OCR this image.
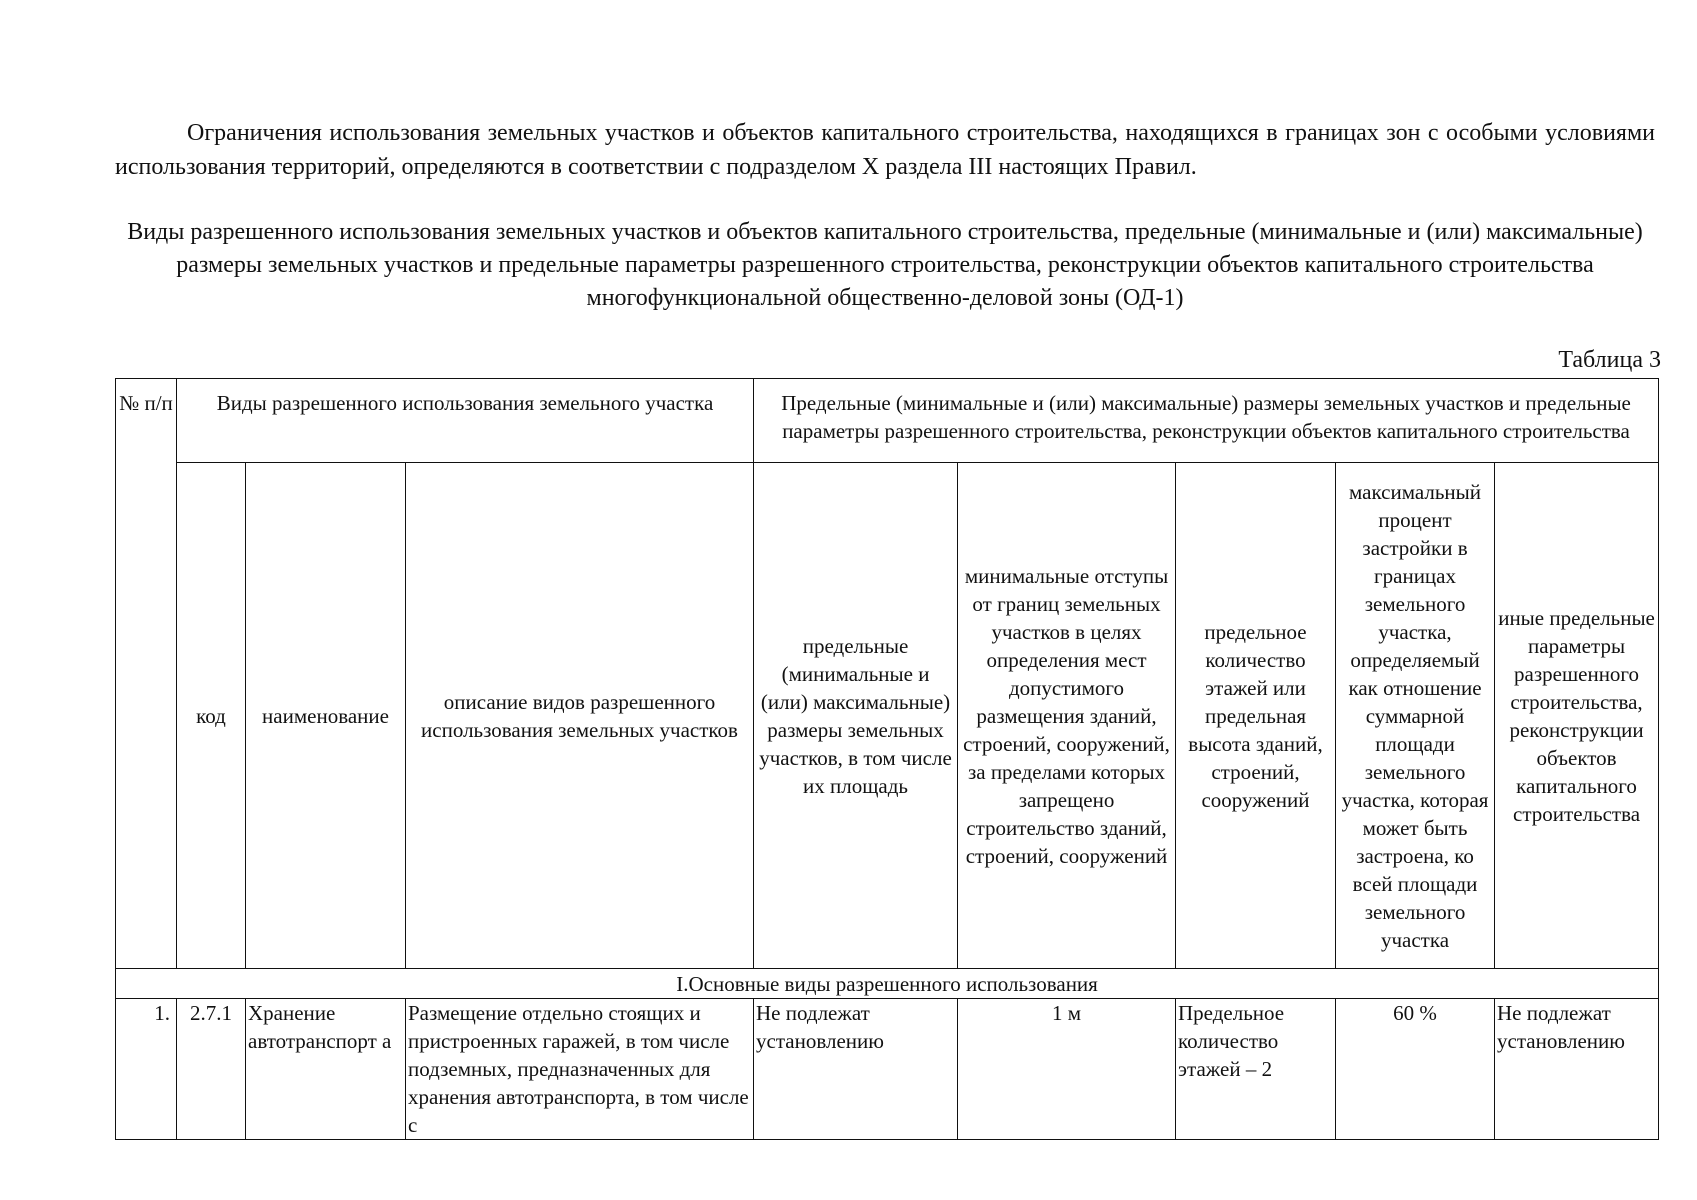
Ограничения использования земельных участков и объектов капитального строительства, находящихся в границах зон с особыми условиями использования территорий, определяются в соответствии с подразделом X раздела III настоящих Правил.

Виды разрешенного использования земельных участков и объектов капитального строительства, предельные (минимальные и (или) максимальные) размеры земельных участков и предельные параметры разрешенного строительства, реконструкции объектов капитального строительства многофункциональной общественно-деловой зоны (ОД-1)

Таблица 3
№ п/п	Виды разрешенного использования земельного участка			Предельные (минимальные и (или) максимальные) размеры земельных участков и предельные параметры разрешенного строительства, реконструкции объектов капитального строительства				
	код	наименование	описание видов разрешенного использования земельных участков	предельные (минимальные и (или) максимальные) размеры земельных участков, в том числе их площадь	минимальные отступы от границ земельных участков в целях определения мест допустимого размещения зданий, строений, сооружений, за пределами которых запрещено строительство зданий, строений, сооружений	предельное количество этажей или предельная высота зданий, строений, сооружений	максимальный процент застройки в границах земельного участка, определяемый как отношение суммарной площади земельного участка, которая может быть застроена, ко всей площади земельного участка	иные предельные параметры разрешенного строительства, реконструкции объектов капитального строительства
I.Основные виды разрешенного использования								
1.	2.7.1	Хранение автотранспорт а	Размещение отдельно стоящих и пристроенных гаражей, в том числе подземных, предназначенных для хранения автотранспорта, в том числе с	Не подлежат установлению	1 м	Предельное количество этажей – 2	60 %	Не подлежат установлению
